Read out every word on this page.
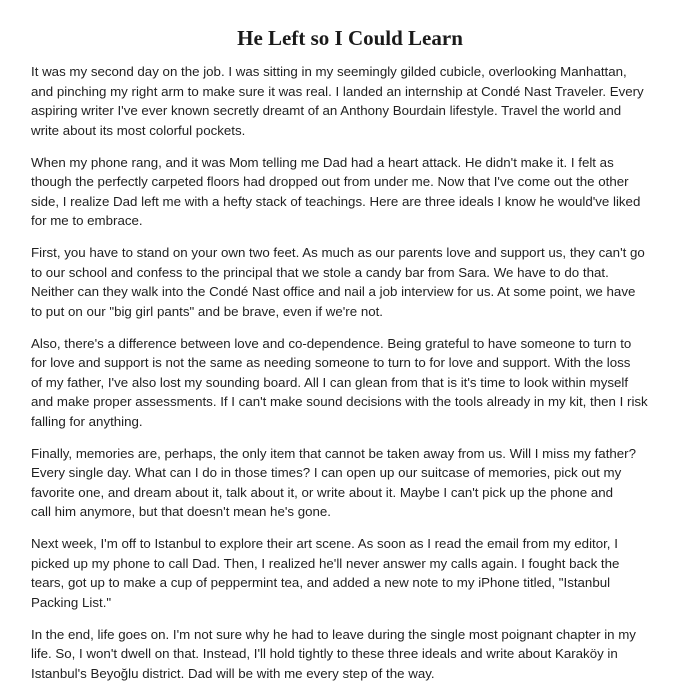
He Left so I Could Learn

It was my second day on the job. I was sitting in my seemingly gilded cubicle, overlooking Manhattan,
and pinching my right arm to make sure it was real. I landed an internship at Condé Nast Traveler. Every
aspiring writer I've ever known secretly dreamt of an Anthony Bourdain lifestyle. Travel the world and
write about its most colorful pockets.

When my phone rang, and it was Mom telling me Dad had a heart attack. He didn't make it. I felt as
though the perfectly carpeted floors had dropped out from under me. Now that I've come out the other
side, I realize Dad left me with a hefty stack of teachings. Here are three ideals I know he would've liked
for me to embrace.

First, you have to stand on your own two feet. As much as our parents love and support us, they can't go
to our school and confess to the principal that we stole a candy bar from Sara. We have to do that.
Neither can they walk into the Condé Nast office and nail a job interview for us. At some point, we have
to put on our "big girl pants" and be brave, even if we're not.

Also, there's a difference between love and co-dependence. Being grateful to have someone to turn to
for love and support is not the same as needing someone to turn to for love and support. With the loss
of my father, I've also lost my sounding board. All I can glean from that is it's time to look within myself
and make proper assessments. If I can't make sound decisions with the tools already in my kit, then I risk
falling for anything.

Finally, memories are, perhaps, the only item that cannot be taken away from us. Will I miss my father?
Every single day. What can I do in those times? I can open up our suitcase of memories, pick out my
favorite one, and dream about it, talk about it, or write about it. Maybe I can't pick up the phone and
call him anymore, but that doesn't mean he's gone.

Next week, I'm off to Istanbul to explore their art scene. As soon as I read the email from my editor, I
picked up my phone to call Dad. Then, I realized he'll never answer my calls again. I fought back the
tears, got up to make a cup of peppermint tea, and added a new note to my iPhone titled, "Istanbul
Packing List."

In the end, life goes on. I'm not sure why he had to leave during the single most poignant chapter in my
life. So, I won't dwell on that. Instead, I'll hold tightly to these three ideals and write about Karaköy in
Istanbul's Beyoğlu district. Dad will be with me every step of the way.
